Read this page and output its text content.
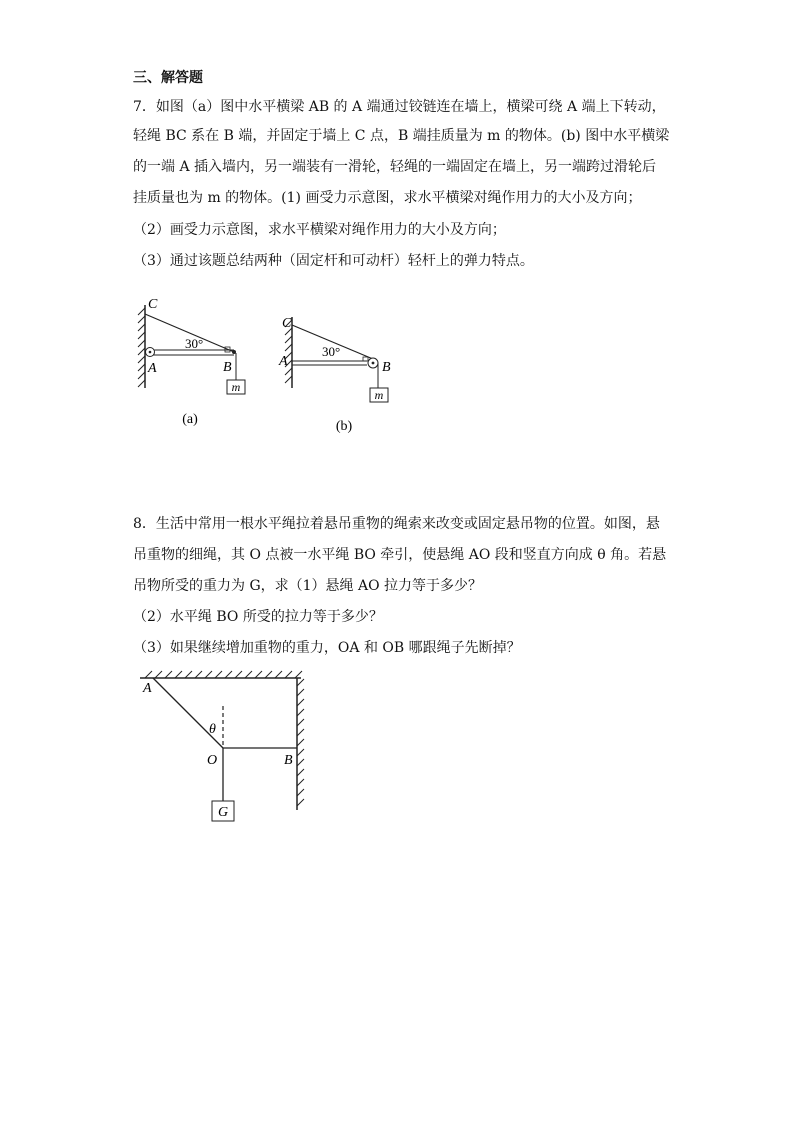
三、解答题
7．如图（a）图中水平横梁 AB 的 A 端通过铰链连在墙上，横梁可绕 A 端上下转动，
轻绳 BC 系在 B 端，并固定于墙上 C 点，B 端挂质量为 m 的物体。(b) 图中水平横梁
的一端 A 插入墙内，另一端装有一滑轮，轻绳的一端固定在墙上，另一端跨过滑轮后
挂质量也为 m 的物体。(1) 画受力示意图，求水平横梁对绳作用力的大小及方向；
（2）画受力示意图，求水平横梁对绳作用力的大小及方向；
（3）通过该题总结两种（固定杆和可动杆）轻杆上的弹力特点。
m
C
A	B
30°
(a)
m
C
A	B
30°
(b)
8．生活中常用一根水平绳拉着悬吊重物的绳索来改变或固定悬吊物的位置。如图，悬
吊重物的细绳，其 O 点被一水平绳 BO 牵引，使悬绳 AO 段和竖直方向成 θ 角。若悬
吊物所受的重力为 G，求（1）悬绳 AO 拉力等于多少？
（2）水平绳 BO 所受的拉力等于多少？
（3）如果继续增加重物的重力，OA 和 OB 哪跟绳子先断掉？
G
A
θ
O	B
